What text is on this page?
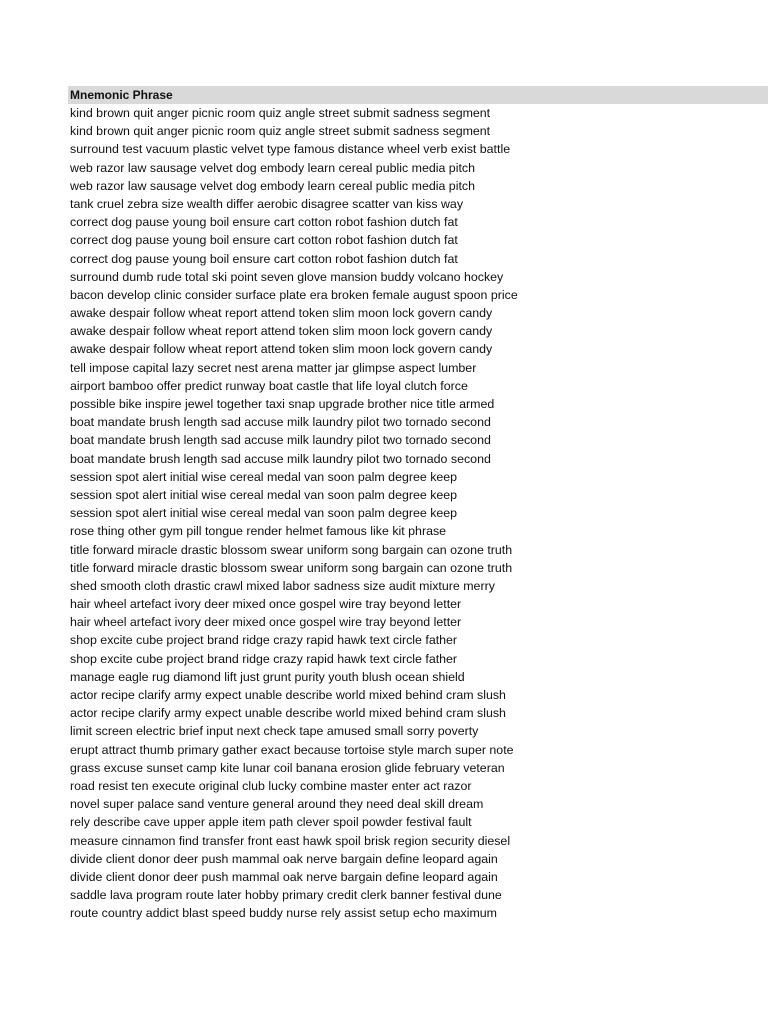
Mnemonic Phrase
kind brown quit anger picnic room quiz angle street submit sadness segment
kind brown quit anger picnic room quiz angle street submit sadness segment
surround test vacuum plastic velvet type famous distance wheel verb exist battle
web razor law sausage velvet dog embody learn cereal public media pitch
web razor law sausage velvet dog embody learn cereal public media pitch
tank cruel zebra size wealth differ aerobic disagree scatter van kiss way
correct dog pause young boil ensure cart cotton robot fashion dutch fat
correct dog pause young boil ensure cart cotton robot fashion dutch fat
correct dog pause young boil ensure cart cotton robot fashion dutch fat
surround dumb rude total ski point seven glove mansion buddy volcano hockey
bacon develop clinic consider surface plate era broken female august spoon price
awake despair follow wheat report attend token slim moon lock govern candy
awake despair follow wheat report attend token slim moon lock govern candy
awake despair follow wheat report attend token slim moon lock govern candy
tell impose capital lazy secret nest arena matter jar glimpse aspect lumber
airport bamboo offer predict runway boat castle that life loyal clutch force
possible bike inspire jewel together taxi snap upgrade brother nice title armed
boat mandate brush length sad accuse milk laundry pilot two tornado second
boat mandate brush length sad accuse milk laundry pilot two tornado second
boat mandate brush length sad accuse milk laundry pilot two tornado second
session spot alert initial wise cereal medal van soon palm degree keep
session spot alert initial wise cereal medal van soon palm degree keep
session spot alert initial wise cereal medal van soon palm degree keep
rose thing other gym pill tongue render helmet famous like kit phrase
title forward miracle drastic blossom swear uniform song bargain can ozone truth
title forward miracle drastic blossom swear uniform song bargain can ozone truth
shed smooth cloth drastic crawl mixed labor sadness size audit mixture merry
hair wheel artefact ivory deer mixed once gospel wire tray beyond letter
hair wheel artefact ivory deer mixed once gospel wire tray beyond letter
shop excite cube project brand ridge crazy rapid hawk text circle father
shop excite cube project brand ridge crazy rapid hawk text circle father
manage eagle rug diamond lift just grunt purity youth blush ocean shield
actor recipe clarify army expect unable describe world mixed behind cram slush
actor recipe clarify army expect unable describe world mixed behind cram slush
limit screen electric brief input next check tape amused small sorry poverty
erupt attract thumb primary gather exact because tortoise style march super note
grass excuse sunset camp kite lunar coil banana erosion glide february veteran
road resist ten execute original club lucky combine master enter act razor
novel super palace sand venture general around they need deal skill dream
rely describe cave upper apple item path clever spoil powder festival fault
measure cinnamon find transfer front east hawk spoil brisk region security diesel
divide client donor deer push mammal oak nerve bargain define leopard again
divide client donor deer push mammal oak nerve bargain define leopard again
saddle lava program route later hobby primary credit clerk banner festival dune
route country addict blast speed buddy nurse rely assist setup echo maximum
